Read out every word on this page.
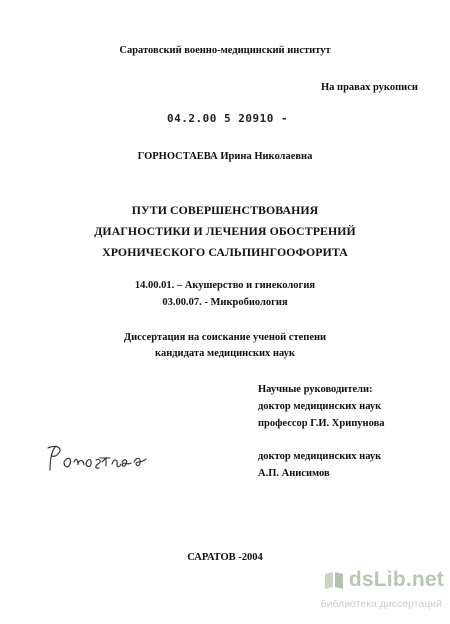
Саратовский военно-медицинский институт
На правах рукописи
04.2.00 5 20910 -
ГОРНОСТАЕВА Ирина Николаевна
ПУТИ СОВЕРШЕНСТВОВАНИЯ
ДИАГНОСТИКИ И ЛЕЧЕНИЯ ОБОСТРЕНИЙ
ХРОНИЧЕСКОГО САЛЬПИНГООФОРИТА
14.00.01. – Акушерство и гинекология
03.00.07. - Микробиология
Диссертация на соискание ученой степени
кандидата медицинских наук
Научные руководители:
доктор медицинских наук
профессор Г.И. Хрипунова
доктор медицинских наук
А.П. Анисимов
САРАТОВ -2004
dsLib.net
библиотека диссертаций
